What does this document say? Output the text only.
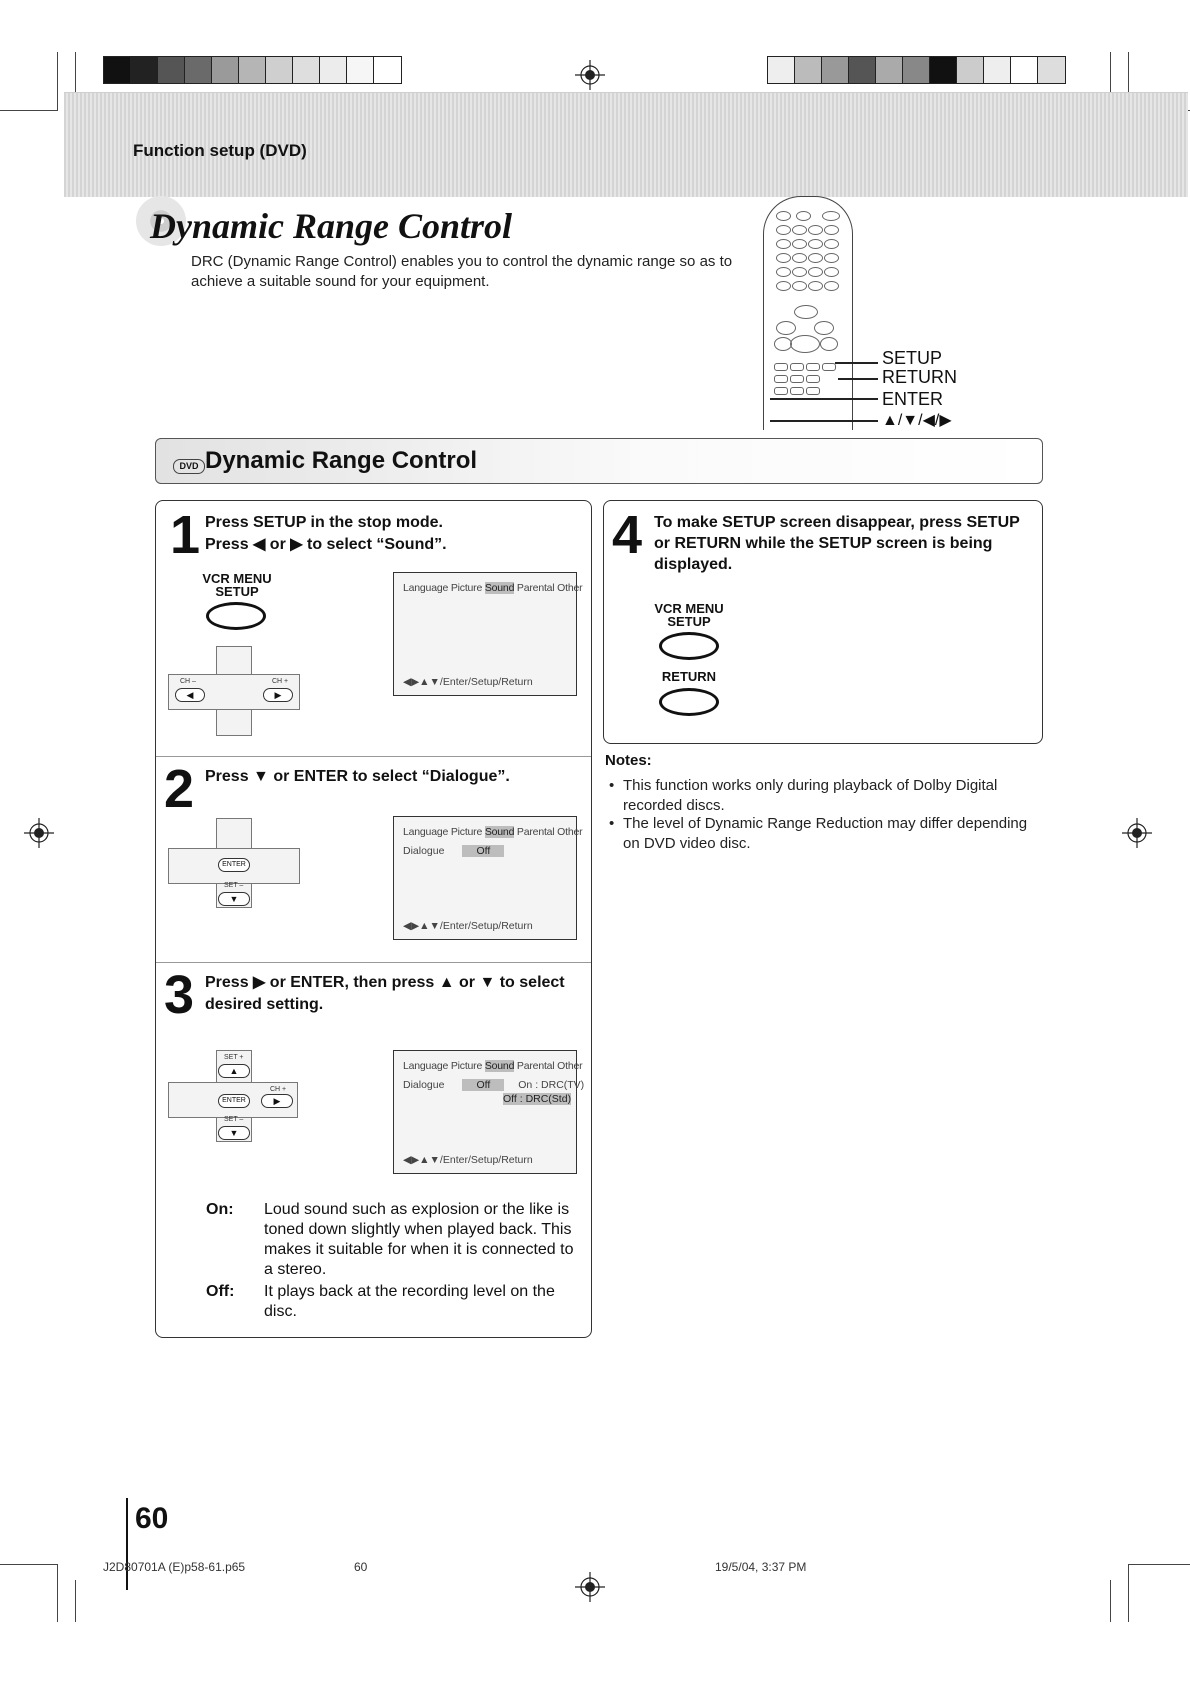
Function setup (DVD)
Dynamic Range Control
DRC (Dynamic Range Control) enables you to control the dynamic range so as to achieve a suitable sound for your equipment.
SETUP
RETURN
ENTER
▲/▼/◀/▶
DVD Dynamic Range Control
1 Press SETUP in the stop mode.
Press ◀ or ▶ to select “Sound”.
VCR MENU
SETUP
CH –	CH +
◀	▶
Language Picture Sound Parental Other
◀▶▲▼/Enter/Setup/Return
2 Press ▼ or ENTER to select “Dialogue”.
ENTER
SET –
▼
Language Picture Sound Parental Other
Dialogue	Off
◀▶▲▼/Enter/Setup/Return
3 Press ▶ or ENTER, then press ▲ or ▼ to select
desired setting.
SET +
▲
CH +
ENTER	▶
SET –
▼
Language Picture Sound Parental Other
Dialogue	Off	On : DRC(TV)
Off : DRC(Std)
◀▶▲▼/Enter/Setup/Return
On: Loud sound such as explosion or the like is toned down slightly when played back. This makes it suitable for when it is connected to a stereo.
Off: It plays back at the recording level on the disc.
4 To make SETUP screen disappear, press SETUP
or RETURN while the SETUP screen is being
displayed.
VCR MENU
SETUP
RETURN
Notes:
• This function works only during playback of Dolby Digital recorded discs.
• The level of Dynamic Range Reduction may differ depending on DVD video disc.
60
J2D80701A (E)p58-61.p65	60	19/5/04, 3:37 PM
